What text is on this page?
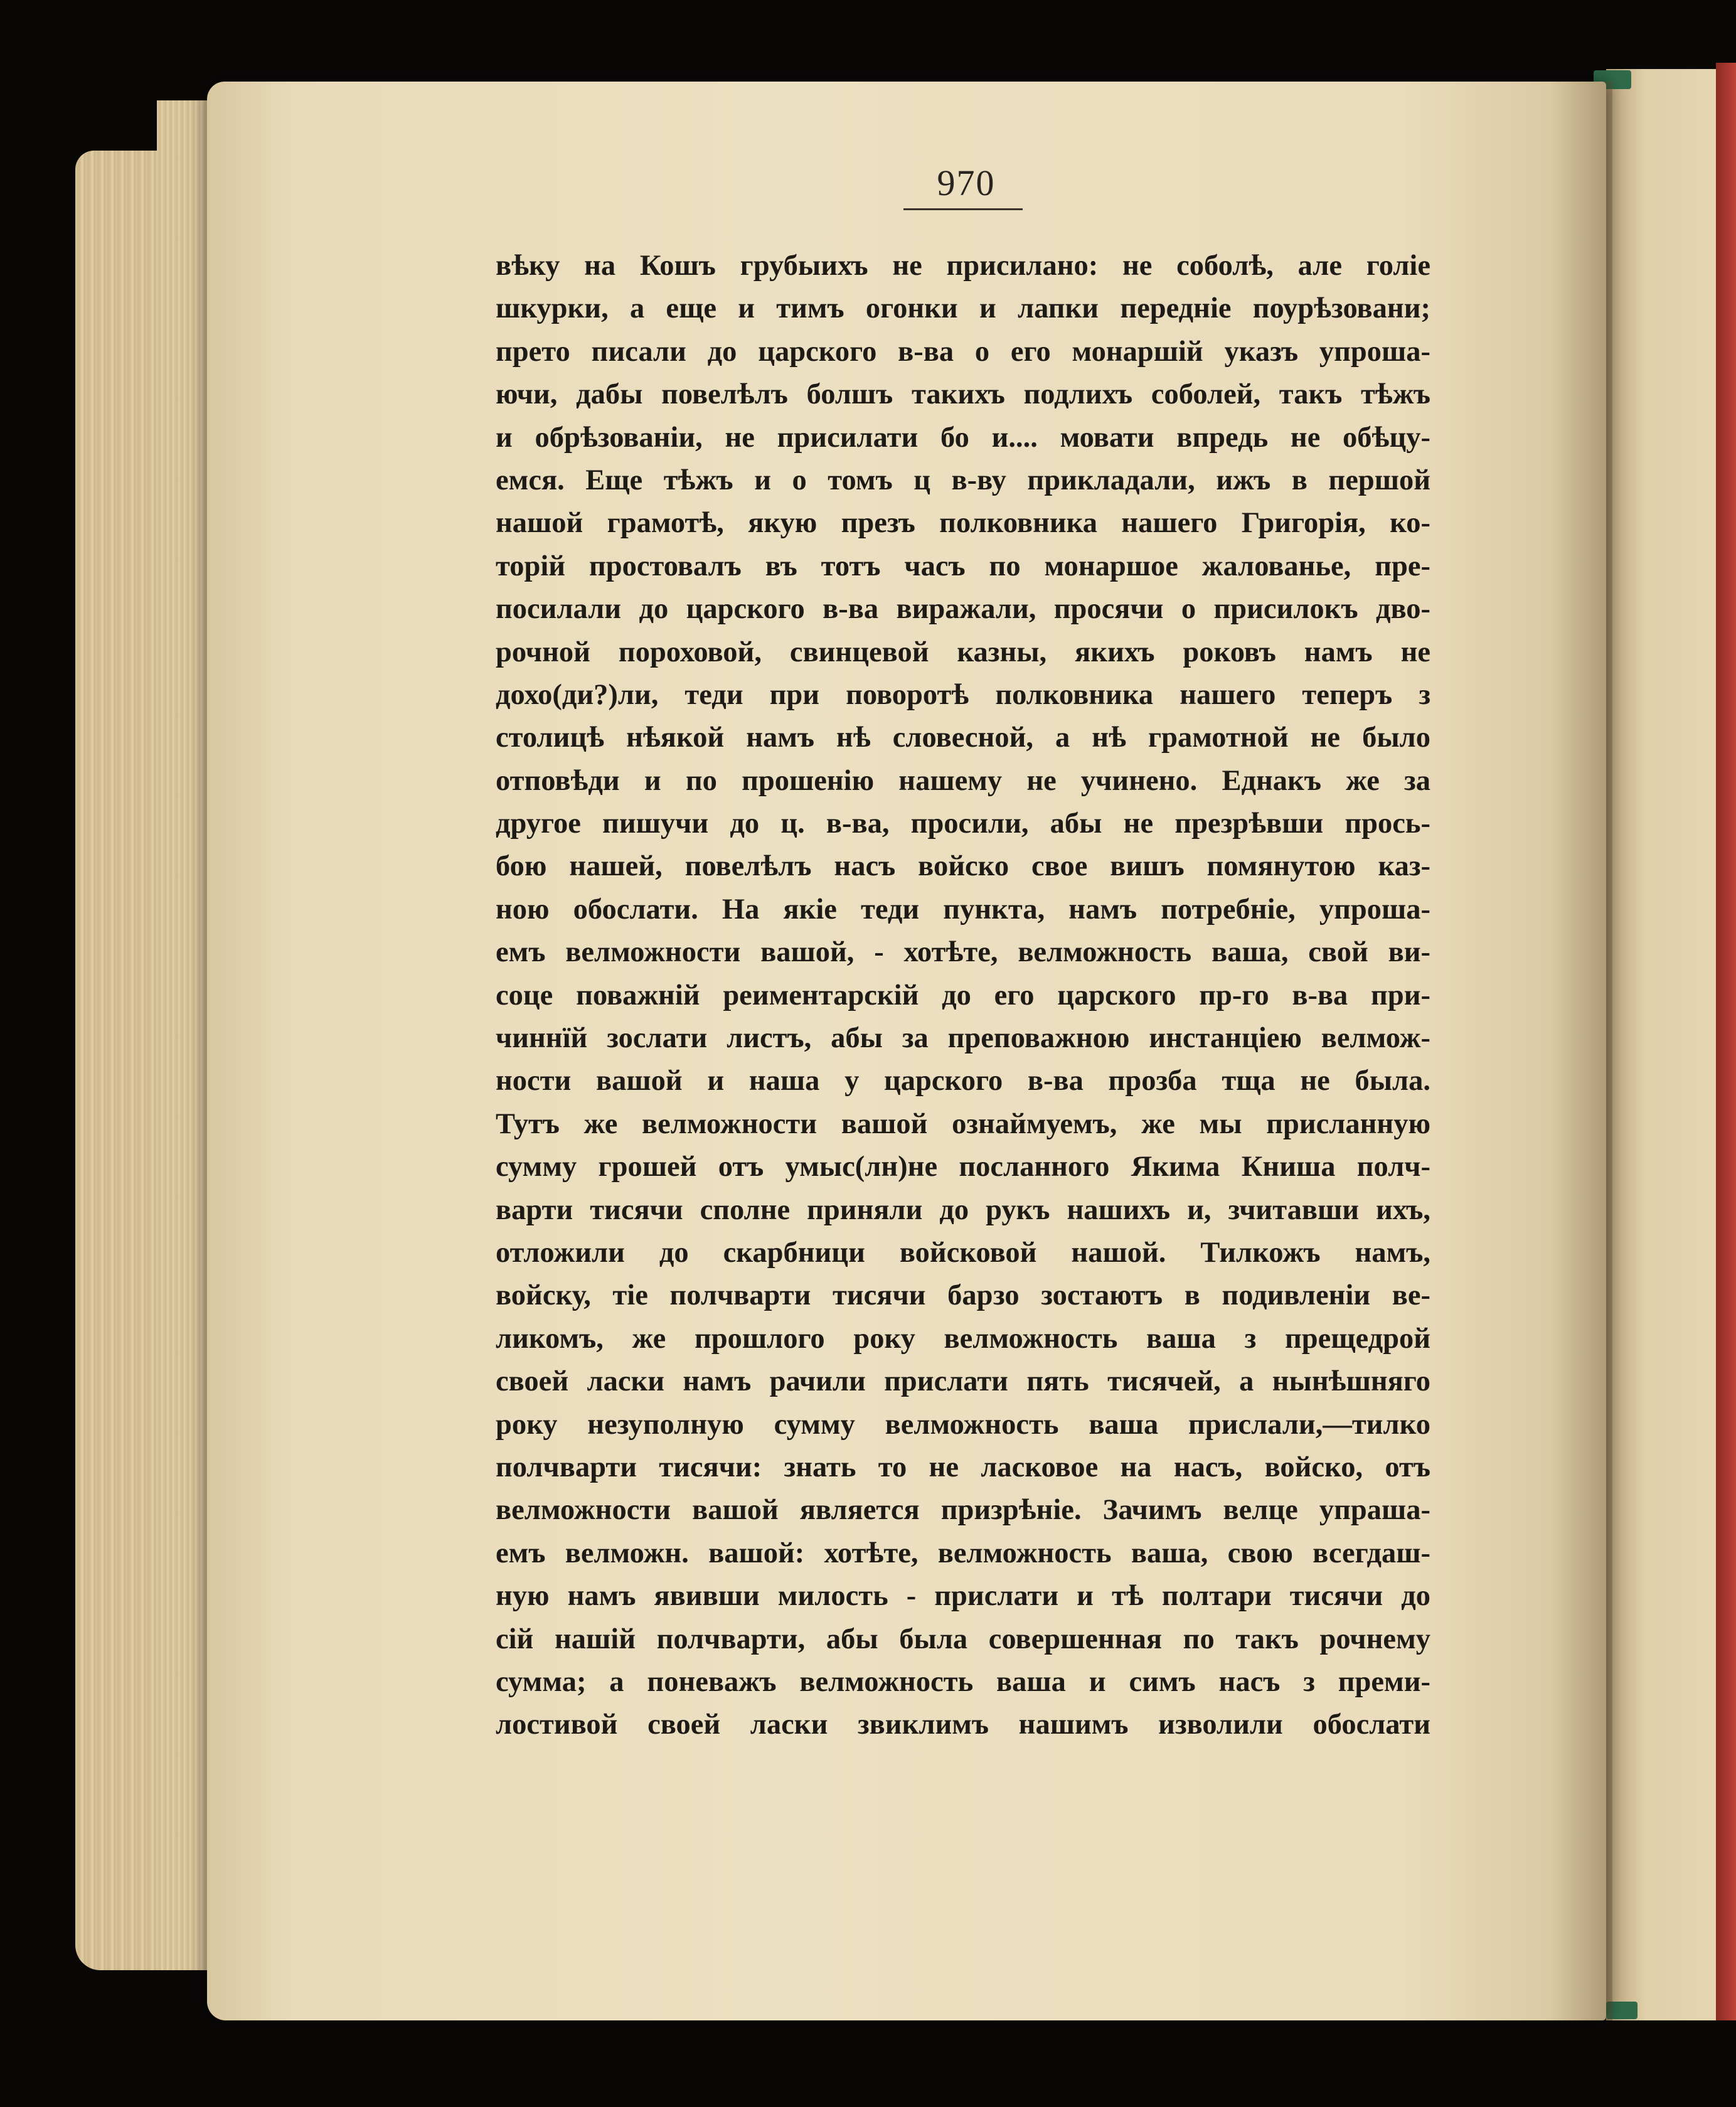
970
вѣку на Кошъ грубыихъ не присилано: не соболѣ, але голіе
шкурки, а еще и тимъ огонки и лапки передніе поурѣзовани;
прето писали до царского в-ва о его монаршій указъ упроша-
ючи, дабы повелѣлъ болшъ такихъ подлихъ соболей, такъ тѣжъ
и обрѣзованіи, не присилати бо и.... мовати впредь не обѣцу-
емся. Еще тѣжъ и о томъ ц в-ву прикладали, ижъ в першой
нашой грамотѣ, якую презъ полковника нашего Григорія, ко-
торій простовалъ въ тотъ часъ по монаршое жалованье, пре-
посилали до царского в-ва виражали, просячи о присилокъ дво-
рочной пороховой, свинцевой казны, якихъ роковъ намъ не
дохо(ди?)ли, теди при поворотѣ полковника нашего теперъ з
столицѣ нѣякой намъ нѣ словесной, а нѣ грамотной не было
отповѣди и по прошенію нашему не учинено. Еднакъ же за
другое пишучи до ц. в-ва, просили, абы не презрѣвши прось-
бою нашей, повелѣлъ насъ войско свое вишъ помянутою каз-
ною обослати. На якіе теди пункта, намъ потребніе, упроша-
емъ велможности вашой, - хотѣте, велможность ваша, свой ви-
соце поважній реиментарскій до его царского пр-го в-ва при-
чиннїй зослати листъ, абы за преповажною инстанціею велмож-
ности вашой и наша у царского в-ва прозба тща не была.
Тутъ же велможности вашой ознаймуемъ, же мы присланную
сумму грошей отъ умыс(лн)не посланного Якима Книша полч-
варти тисячи сполне приняли до рукъ нашихъ и, зчитавши ихъ,
отложили до скарбници войсковой нашой. Тилкожъ намъ,
войску, тіе полчварти тисячи барзо зостаютъ в подивленіи ве-
ликомъ, же прошлого року велможность ваша з прещедрой
своей ласки намъ рачили прислати пять тисячей, а нынѣшняго
року незуполную сумму велможность ваша прислали,—тилко
полчварти тисячи: знать то не ласковое на насъ, войско, отъ
велможности вашой является призрѣніе. Зачимъ велце упраша-
емъ велможн. вашой: хотѣте, велможность ваша, свою всегдаш-
ную намъ явивши милость - прислати и тѣ полтари тисячи до
сій нашій полчварти, абы была совершенная по такъ рочнему
сумма; а поневажъ велможность ваша и симъ насъ з преми-
лостивой своей ласки звиклимъ нашимъ изволили обослати
